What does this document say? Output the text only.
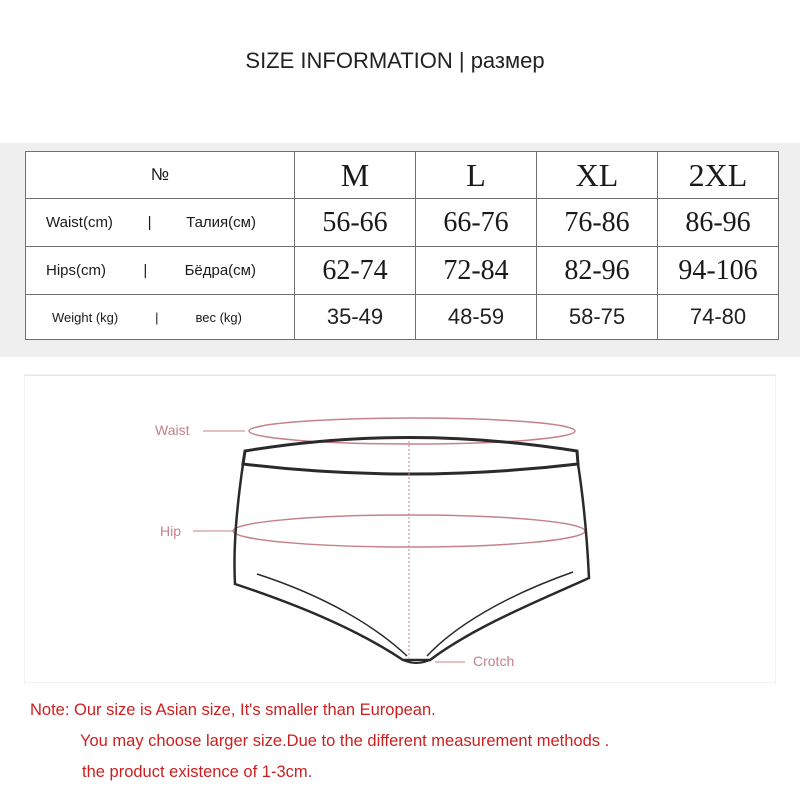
SIZE INFORMATION | размер
№	M	L	XL	2XL

Waist(cm) | Талия(см)	56-66	66-76	76-86	86-96

Hips(cm) | Бёдра(см)	62-74	72-84	82-96	94-106

Weight (kg) | вес (kg)	35-49	48-59	58-75	74-80
Waist
Hip
Crotch
Note: Our size is Asian size, It's smaller than European.
You may choose larger size.Due to the different measurement methods .
the product existence of 1-3cm.
